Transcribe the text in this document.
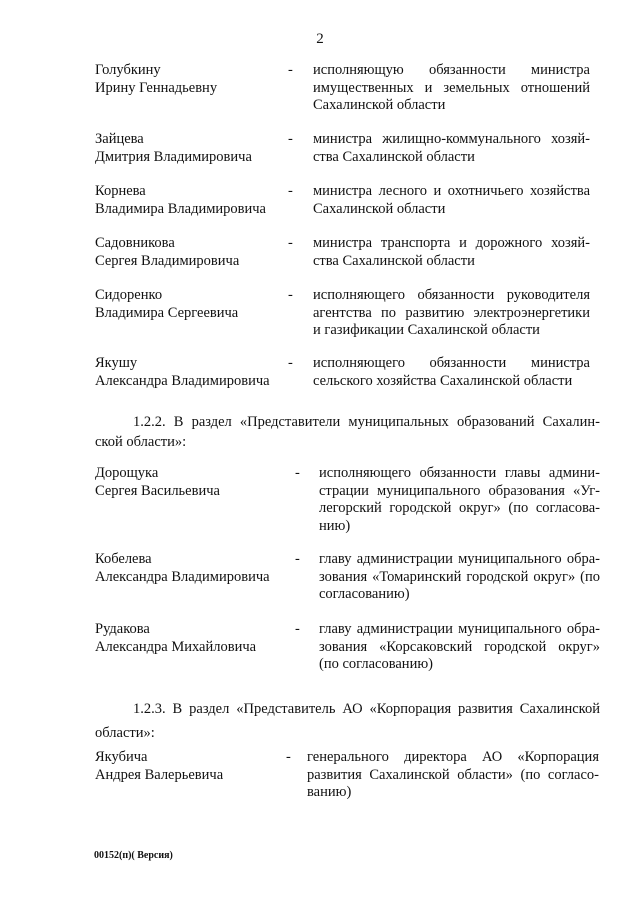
2
Голубкину
Ирину Геннадьевну
- исполняющую обязанности министра
имущественных и земельных отношений
Сахалинской области
Зайцева
Дмитрия Владимировича
- министра жилищно-коммунального хозяй-
ства Сахалинской области
Корнева
Владимира Владимировича
- министра лесного и охотничьего хозяйства
Сахалинской области
Садовникова
Сергея Владимировича
- министра транспорта и дорожного хозяй-
ства Сахалинской области
Сидоренко
Владимира Сергеевича
- исполняющего обязанности руководителя
агентства по развитию электроэнергетики
и газификации Сахалинской области
Якушу
Александра Владимировича
- исполняющего обязанности министра
сельского хозяйства Сахалинской области
1.2.2. В раздел «Представители муниципальных образований Сахалин-
ской области»:
Дорощука
Сергея Васильевича
- исполняющего обязанности главы админи-
страции муниципального образования «Уг-
легорский городской округ» (по согласова-
нию)
Кобелева
Александра Владимировича
- главу администрации муниципального обра-
зования «Томаринский городской округ» (по
согласованию)
Рудакова
Александра Михайловича
- главу администрации муниципального обра-
зования «Корсаковский городской округ»
(по согласованию)
1.2.3. В раздел «Представитель АО «Корпорация развития Сахалинской
области»:
Якубича
Андрея Валерьевича
- генерального директора АО «Корпорация
развития Сахалинской области» (по согласо-
ванию)
00152(п)( Версия)
